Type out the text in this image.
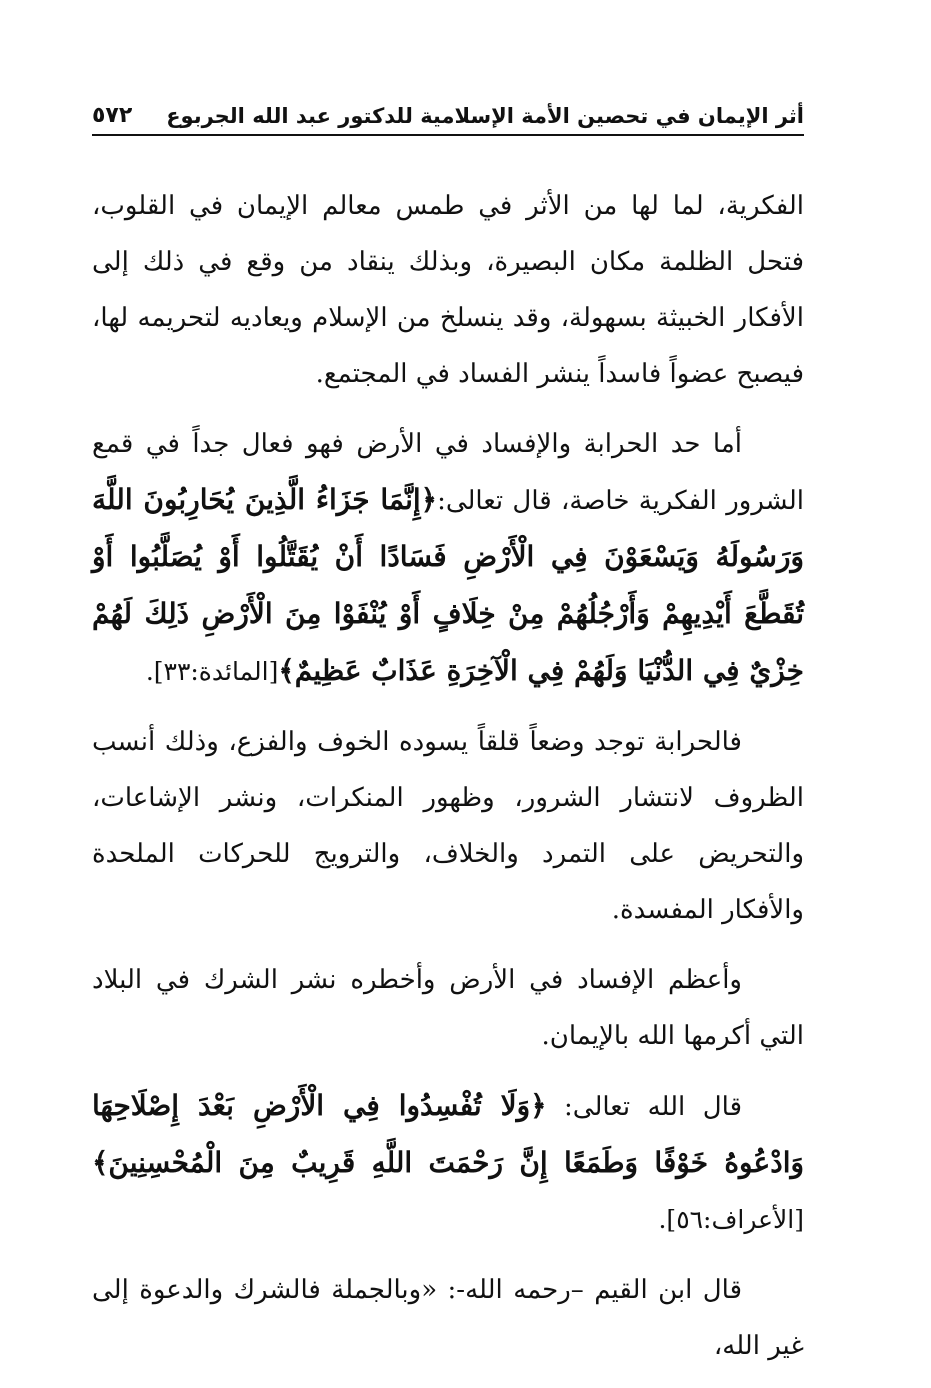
أثر الإيمان في تحصين الأمة الإسلامية للدكتور عبد الله الجربوع
٥٧٢

الفكرية، لما لها من الأثر في طمس معالم الإيمان في القلوب، فتحل الظلمة مكان البصيرة، وبذلك ينقاد من وقع في ذلك إلى الأفكار الخبيثة بسهولة، وقد ينسلخ من الإسلام ويعاديه لتحريمه لها، فيصبح عضواً فاسداً ينشر الفساد في المجتمع.

أما حد الحرابة والإفساد في الأرض فهو فعال جداً في قمع الشرور الفكرية خاصة، قال تعالى:﴿إِنَّمَا جَزَاءُ الَّذِينَ يُحَارِبُونَ اللَّهَ وَرَسُولَهُ وَيَسْعَوْنَ فِي الْأَرْضِ فَسَادًا أَنْ يُقَتَّلُوا أَوْ يُصَلَّبُوا أَوْ تُقَطَّعَ أَيْدِيهِمْ وَأَرْجُلُهُمْ مِنْ خِلَافٍ أَوْ يُنْفَوْا مِنَ الْأَرْضِ ذَلِكَ لَهُمْ خِزْيٌ فِي الدُّنْيَا وَلَهُمْ فِي الْآخِرَةِ عَذَابٌ عَظِيمٌ﴾[المائدة:٣٣].

فالحرابة توجد وضعاً قلقاً يسوده الخوف والفزع، وذلك أنسب الظروف لانتشار الشرور، وظهور المنكرات، ونشر الإشاعات، والتحريض على التمرد والخلاف، والترويج للحركات الملحدة والأفكار المفسدة.

وأعظم الإفساد في الأرض وأخطره نشر الشرك في البلاد التي أكرمها الله بالإيمان.

قال الله تعالى: ﴿وَلَا تُفْسِدُوا فِي الْأَرْضِ بَعْدَ إِصْلَاحِهَا وَادْعُوهُ خَوْفًا وَطَمَعًا إِنَّ رَحْمَتَ اللَّهِ قَرِيبٌ مِنَ الْمُحْسِنِينَ﴾[الأعراف:٥٦].

قال ابن القيم –رحمه الله-: «وبالجملة فالشرك والدعوة إلى غير الله،
